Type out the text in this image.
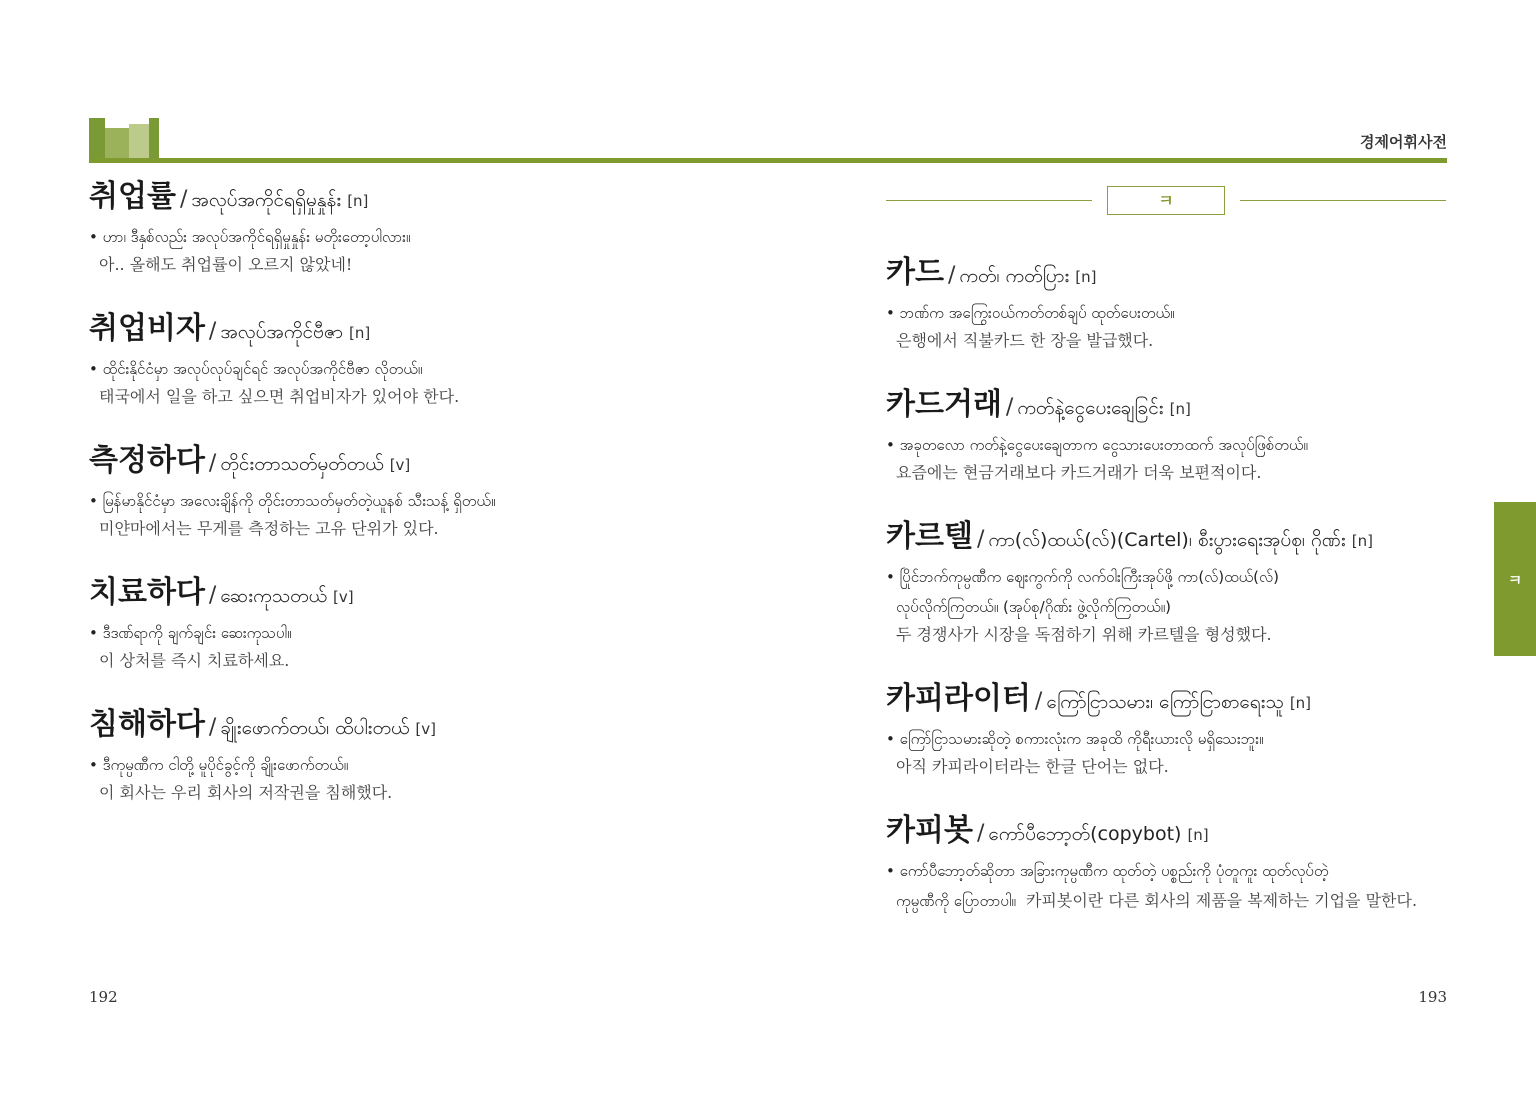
경제어휘사전
취업률 / အလုပ်အကိုင်ရရှိမှုနှုန်း [n]
• ဟာ၊ ဒီနှစ်လည်း အလုပ်အကိုင်ရရှိမှုနှုန်း မတိုးတော့ပါလား။
아.. 올해도 취업률이 오르지 않았네!
취업비자 / အလုပ်အကိုင်ဗီဇာ [n]
• ထိုင်းနိုင်ငံမှာ အလုပ်လုပ်ချင်ရင် အလုပ်အကိုင်ဗီဇာ လိုတယ်။
태국에서 일을 하고 싶으면 취업비자가 있어야 한다.
측정하다 / တိုင်းတာသတ်မှတ်တယ် [v]
• မြန်မာနိုင်ငံမှာ အလေးချိန်ကို တိုင်းတာသတ်မှတ်တဲ့ယူနစ် သီးသန့် ရှိတယ်။
미얀마에서는 무게를 측정하는 고유 단위가 있다.
치료하다 / ဆေးကုသတယ် [v]
• ဒီဒဏ်ရာကို ချက်ချင်း ဆေးကုသပါ။
이 상처를 즉시 치료하세요.
침해하다 / ချိုးဖောက်တယ်၊ ထိပါးတယ် [v]
• ဒီကုမ္ပဏီက ငါတို့ မူပိုင်ခွင့်ကို ချိုးဖောက်တယ်။
이 회사는 우리 회사의 저작권을 침해했다.
ㅋ
카드 / ကတ်၊ ကတ်ပြား [n]
• ဘဏ်က အကြွေးဝယ်ကတ်တစ်ချပ် ထုတ်ပေးတယ်။
은행에서 직불카드 한 장을 발급했다.
카드거래 / ကတ်နဲ့ငွေပေးချေခြင်း [n]
• အခုတလော ကတ်နဲ့ငွေပေးချေတာက ငွေသားပေးတာထက် အလုပ်ဖြစ်တယ်။
요즘에는 현금거래보다 카드거래가 더욱 보편적이다.
카르텔 / ကာ(လ်)ထယ်(လ်)(Cartel)၊ စီးပွားရေးအုပ်စု၊ ဂိုဏ်း [n]
• ပြိုင်ဘက်ကုမ္ပဏီက ဈေးကွက်ကို လက်ဝါးကြီးအုပ်ဖို့ ကာ(လ်)ထယ်(လ်)
လုပ်လိုက်ကြတယ်။ (အုပ်စု/ဂိုဏ်း ဖွဲ့လိုက်ကြတယ်။)
두 경쟁사가 시장을 독점하기 위해 카르텔을 형성했다.
카피라이터 / ကြော်ငြာသမား၊ ကြော်ငြာစာရေးသူ [n]
• ကြော်ငြာသမားဆိုတဲ့ စကားလုံးက အခုထိ ကိုရီးယားလို မရှိသေးဘူး။
아직 카피라이터라는 한글 단어는 없다.
카피봇 / ကော်ပီဘော့တ်(copybot) [n]
• ကော်ပီဘော့တ်ဆိုတာ အခြားကုမ္ပဏီက ထုတ်တဲ့ ပစ္စည်းကို ပုံတူကူး ထုတ်လုပ်တဲ့
ကုမ္ပဏီကို ပြောတာပါ။ 카피봇이란 다른 회사의 제품을 복제하는 기업을 말한다.
ㅋ
192	193
